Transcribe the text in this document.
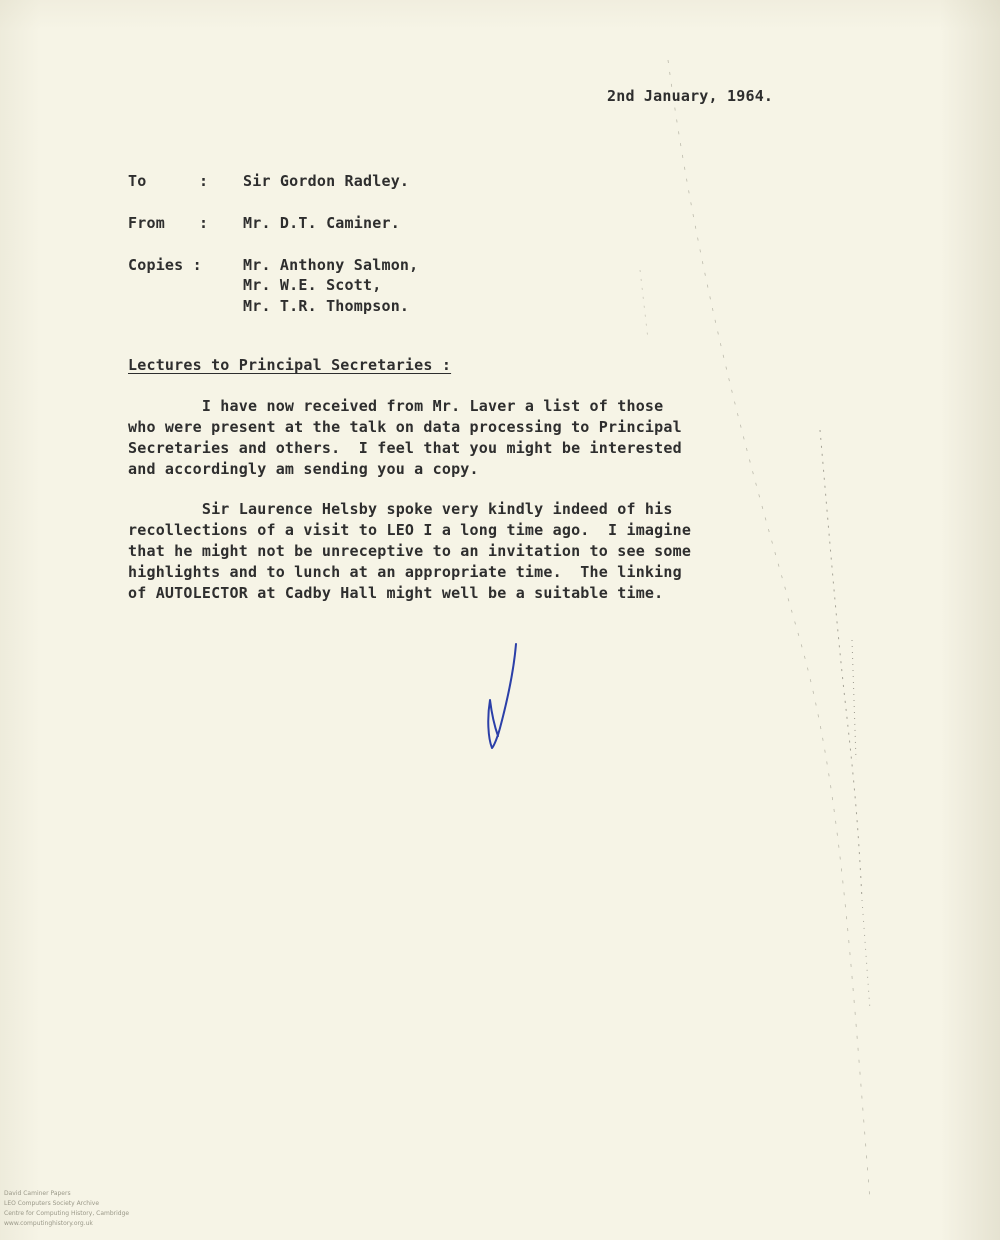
2nd January, 1964.
To	: Sir Gordon Radley.
From : Mr. D.T. Caminer.
Copies :	Mr. Anthony Salmon,
Mr. W.E. Scott,
Mr. T.R. Thompson.
Lectures to Principal Secretaries :
I have now received from Mr. Laver a list of those
who were present at the talk on data processing to Principal
Secretaries and others.  I feel that you might be interested
and accordingly am sending you a copy.
Sir Laurence Helsby spoke very kindly indeed of his
recollections of a visit to LEO I a long time ago.  I imagine
that he might not be unreceptive to an invitation to see some
highlights and to lunch at an appropriate time.  The linking
of AUTOLECTOR at Cadby Hall might well be a suitable time.
David Caminer Papers
LEO Computers Society Archive
Centre for Computing History, Cambridge
www.computinghistory.org.uk
